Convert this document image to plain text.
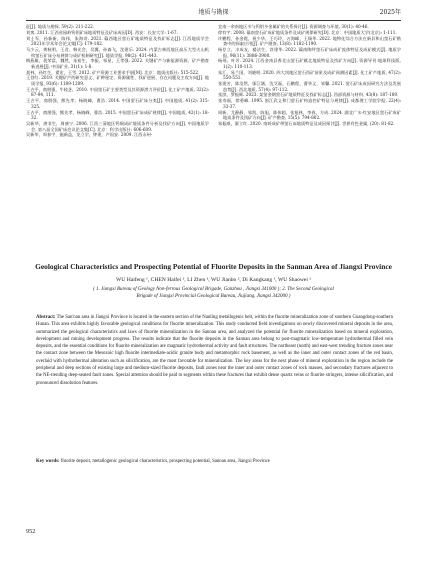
地质与勘探	2025年

征[J]. 地质与勘探, 59(2): 211-222.

刘爽. 2011. 江西省园岭钨钼矿床地质特征及矿床成因[D]. 西安：长安大学: 1-67.

刘士军，孙新新，陈伟，朱海奇. 2021. 赣西地区萤石矿地质特征及找矿标志[J]. 江西地质学会2021年学术年会论文集[C]: 179-182.

马少云，黄秋明，王君，韩光会，吴翼，孙森飞，沈建乐. 2024. 内蒙古林西地区高压大型火山机构萤石矿床分布规律与成矿机制研究[J]. 地质学报, 98(2): 431-443.

梅燕雄，裴荣富，魏然，朱裕生，李振，邹星，王孝强. 2022. 关键矿产与新能源资源，矿产勘查新进展[J]. 中国矿业, 31(1): 1-8.

聂林，孙红生，翟宏，王雪. 2012. 矿产资源工业要求手册[M]. 北京：地质出版社: 515-522.

王登红. 2019. 关键矿产的研究意义、矿种厘定、资源属性、找矿进展、存在问题及主攻方向[J]. 地质学报, 93(6): 1189-1209.

王吉平，商朋强，牛桂芝，2010. 中国萤石矿主要类型及其资源潜力评价[J]. 化工矿产地质, 32(2): 87-94, 111.

王吉平，商朋强，熊先孝，杨晓峰，曹浩. 2014. 中国萤石矿床分类[J]. 中国地质, 41(2): 315-325.

王吉平，商朋强，熊先孝，杨晓峰，曹浩. 2015. 中国萤石矿床成矿规律[J]. 中国地质, 42(1): 18-32.

吴新华，唐非生，周康宁. 2006. 江西三清地区钨铜成矿地质条件分析及找矿方向[J]. 中国地质学会. 第八届全国矿床会议论文集[C]. 北京：科学出版社: 606-609.

吴新华，周春宇，施新益，龙立学，钟建，卢国安. 2009. 江西永州-

宜南一余南地区多与钨钼多金属矿的关系探讨[J]. 资源调查与环境, 30(1): 40-46.

徐有宇. 2008. 赣南萤石矿成矿地质条件及成矿规律研究[D]. 北京：中国地质大学(北京): 1-111.

许鹏程，孙金霞，祝少华，王巧玲，万海峰，王瑞华. 2022. 地物化综合方法在新县和山萤石矿勘查中的探索应用[J]. 矿产勘查, 13(8): 1182-1190.

杨存立，丰成友，楼法生，許建华. 2022. 赣南陶坪萤石矿床成矿流体特征及成矿模式[J]. 地质学报, 96(11): 3886-3900.

杨瑶。叶芳. 2024. 江西金南县香北山萤石矿赋北地质特征及找矿方向[J]. 资源导刊·地球科技版, 1(2): 110-113.

朱汇，易兰国，刘晓明. 2020. 四大岗地区萤石找矿前景及成矿预测因素[J]. 化工矿产地质, 47(2): 550-551.

张建芳，陈浩然，邬江涵，沈艾磊，石鹏程，曹华义，邹馨. 2021. 萤石矿床成因研究方法及发展趋势[J]. 西北地质, 57(4): 97-112.

张滨，罗振辉. 2023. 某萤金钢萤石矿地质特征及找矿标志[J]. 西部资源与材料, 43(8): 187-189.

张寿福，徐勇峰. 1995. 浙江武义和门萤石矿构造控矿特征与规律[J]. 成都理工学院学报, 22(4): 33-37.

周新，尤静静，邹凯，陈旭，陈伟超，张旭林，李春，方成. 2024. 湖北广水-红安地区萤石矿成矿地质条件及找矿方向[J]. 矿产勘查, 15(5): 794-802.

邹振威，廖立红. 2020. 南岭成矿带萤石床地质特征及成因探讨[J]. 世界有色金属, (20): 81-82.

Geological Characteristics and Prospecting Potential of Fluorite Deposits in the Sanman Area of Jiangxi Province
WU Haifeng ¹, CHEN Haifei ², LI Zhen ¹, WU Jianbo ², Di Kangkang ¹, WU Shaowei ²
( 1. Jiangxi Bureau of Geology Non-ferrous Geological Brigade, Ganzhou , Jiangxi 341000 ); 2. The Second Geological
Brigade of Jiangxi Provincial Geological Bureau, Jiujiang, Jiangxi 342000 )

Abstract: The San'nan area in Jiangxi Province is located in the eastern section of the Nanling metallogenic belt, within the fluorite mineralization zone of southern Guangdong-southern Hunan. This area exhibits highly favorable geological conditions for fluorite mineralization. This study conducted field investigations on newly discovered mineral deposits in the area, summarized the geological characteristics and laws of fluorite mineralization in the Sannan area, and analyzed the potential for fluorite mineralization based on mineral exploration, development and mining development progress. The results indicate that the fluorite deposits in the Sannan area belong to post-magmatic low-temperature hydrothermal filled vein deposits, and the essential conditions for fluorite mineralization are magmatic hydrothermal activity and fault structures. The northeast (north) and east-west trending fracture zones near the contact zone between the Mesozoic high fluorite intermediate-acidic granite body and metamorphic rock basement, as well as the inner and outer contact zones of the red basin, overlaid with hydrothermal alteration such as silicification, are the most favorable for mineralization. The key areas for the next phase of mineral exploration in the region include the peripheral and deep sections of existing large and medium-sized fluorite deposits, fault zones near the inner and outer contact zones of rock masses, and secondary fractures adjacent to the NE-trending deep-seated fault zones. Special attention should be paid to segments within these fractures that exhibit dense quartz veins or fluorite stringers, intense silicification, and pronounced dissolution features.

Key words: fluorite deposit, metallogenic geological characteristics, prospecting potential, Sannan area, Jiangxi Province

952
